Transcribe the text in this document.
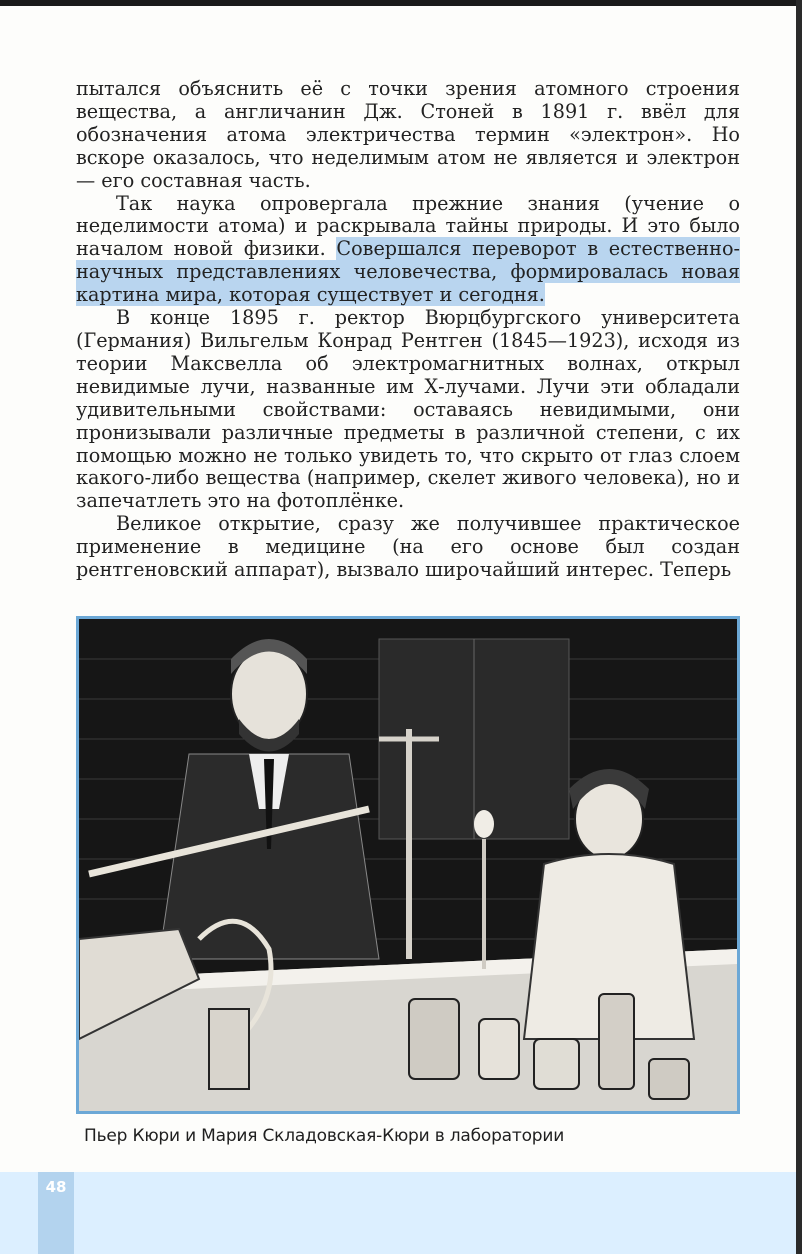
пытался объяснить её с точки зрения атомного строения вещества, а англичанин Дж. Стоней в 1891 г. ввёл для обозначения атома электричества термин «электрон». Но вскоре оказалось, что неделимым атом не является и электрон — его составная часть.

Так наука опровергала прежние знания (учение о неделимости атома) и раскрывала тайны природы. И это было началом новой физики. Совершался переворот в естественно-научных представлениях человечества, формировалась новая картина мира, которая существует и сегодня.

В конце 1895 г. ректор Вюрцбургского университета (Германия) Вильгельм Конрад Рентген (1845—1923), исходя из теории Максвелла об электромагнитных волнах, открыл невидимые лучи, названные им Х-лучами. Лучи эти обладали удивительными свойствами: оставаясь невидимыми, они пронизывали различные предметы в различной степени, с их помощью можно не только увидеть то, что скрыто от глаз слоем какого-либо вещества (например, скелет живого человека), но и запечатлеть это на фотоплёнке.

Великое открытие, сразу же получившее практическое применение в медицине (на его основе был создан рентгеновский аппарат), вызвало широчайший интерес. Теперь

Пьер Кюри и Мария Складовская-Кюри в лаборатории
48
